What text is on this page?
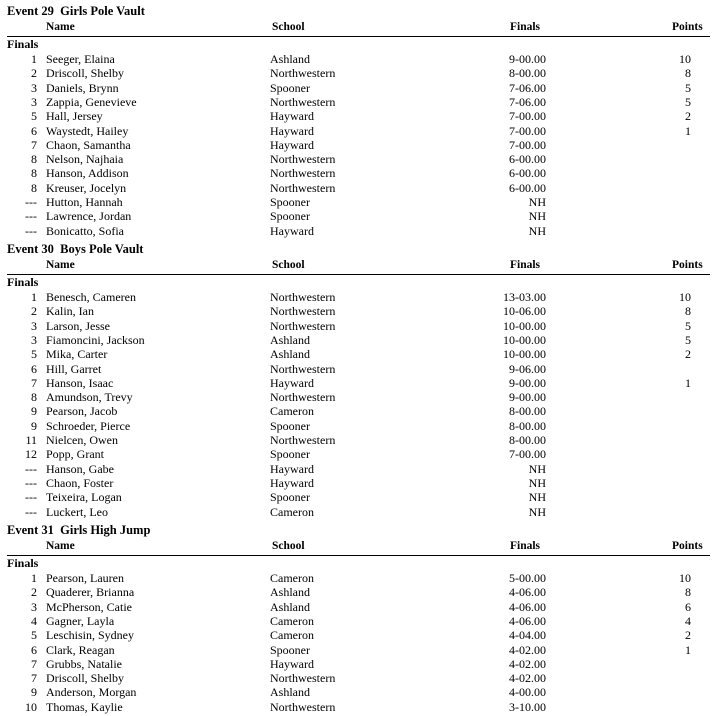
Event 29  Girls Pole Vault
Name	School	Finals	Points
Finals
1 Seeger, Elaina	Ashland	9-00.00	10
2 Driscoll, Shelby	Northwestern	8-00.00	8
3 Daniels, Brynn	Spooner	7-06.00	5
3 Zappia, Genevieve	Northwestern	7-06.00	5
5 Hall, Jersey	Hayward	7-00.00	2
6 Waystedt, Hailey	Hayward	7-00.00	1
7 Chaon, Samantha	Hayward	7-00.00
8 Nelson, Najhaia	Northwestern	6-00.00
8 Hanson, Addison	Northwestern	6-00.00
8 Kreuser, Jocelyn	Northwestern	6-00.00
--- Hutton, Hannah	Spooner	NH
--- Lawrence, Jordan	Spooner	NH
--- Bonicatto, Sofia	Hayward	NH
Event 30  Boys Pole Vault
Name	School	Finals	Points
Finals
1 Benesch, Cameren	Northwestern	13-03.00	10
2 Kalin, Ian	Northwestern	10-06.00	8
3 Larson, Jesse	Northwestern	10-00.00	5
3 Fiamoncini, Jackson	Ashland	10-00.00	5
5 Mika, Carter	Ashland	10-00.00	2
6 Hill, Garret	Northwestern	9-06.00
7 Hanson, Isaac	Hayward	9-00.00	1
8 Amundson, Trevy	Northwestern	9-00.00
9 Pearson, Jacob	Cameron	8-00.00
9 Schroeder, Pierce	Spooner	8-00.00
11 Nielcen, Owen	Northwestern	8-00.00
12 Popp, Grant	Spooner	7-00.00
--- Hanson, Gabe	Hayward	NH
--- Chaon, Foster	Hayward	NH
--- Teixeira, Logan	Spooner	NH
--- Luckert, Leo	Cameron	NH
Event 31  Girls High Jump
Name	School	Finals	Points
Finals
1 Pearson, Lauren	Cameron	5-00.00	10
2 Quaderer, Brianna	Ashland	4-06.00	8
3 McPherson, Catie	Ashland	4-06.00	6
4 Gagner, Layla	Cameron	4-06.00	4
5 Leschisin, Sydney	Cameron	4-04.00	2
6 Clark, Reagan	Spooner	4-02.00	1
7 Grubbs, Natalie	Hayward	4-02.00
7 Driscoll, Shelby	Northwestern	4-02.00
9 Anderson, Morgan	Ashland	4-00.00
10 Thomas, Kaylie	Northwestern	3-10.00
